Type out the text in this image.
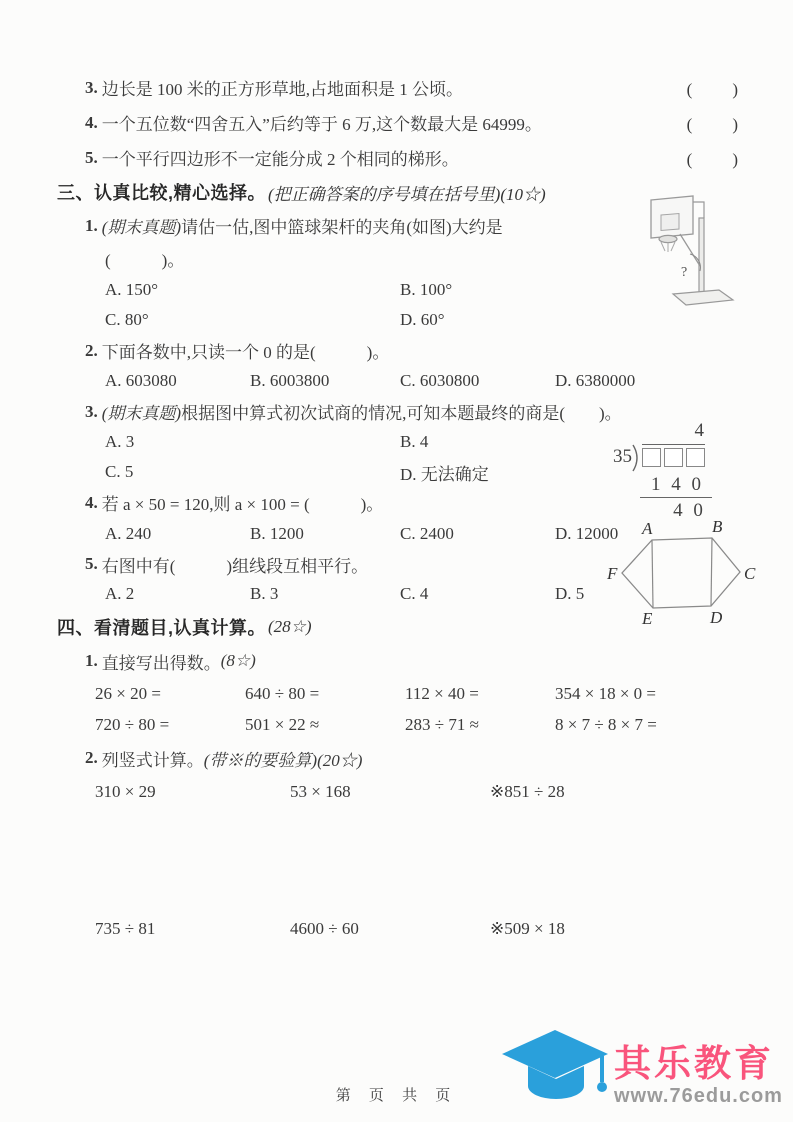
3. 边长是 100 米的正方形草地,占地面积是 1 公顷。	(　　)
4. 一个五位数“四舍五入”后约等于 6 万,这个数最大是 64999。	(　　)
5. 一个平行四边形不一定能分成 2 个相同的梯形。	(　　)
三、认真比较,精心选择。 (把正确答案的序号填在括号里)(10☆)
1. (期末真题) 请估一估,图中篮球架杆的夹角(如图)大约是
(　　　)。
A. 150°	B. 100°
C. 80°	D. 60°
2. 下面各数中,只读一个 0 的是(　　　)。
A. 603080	B. 6003800	C. 6030800	D. 6380000
3. (期末真题) 根据图中算式初次试商的情况,可知本题最终的商是(　　)。
A. 3	B. 4
C. 5	D. 无法确定
4. 若 a × 50 = 120,则 a × 100 = (　　　)。
A. 240	B. 1200	C. 2400	D. 12000
5. 右图中有(　　　)组线段互相平行。
A. 2	B. 3	C. 4	D. 5
四、看清题目,认真计算。 (28☆)
1. 直接写出得数。 (8☆)
26 × 20 =	640 ÷ 80 =	112 × 40 =	354 × 18 × 0 =
720 ÷ 80 =	501 × 22 ≈	283 ÷ 71 ≈	8 × 7 ÷ 8 × 7 =
2. 列竖式计算。 (带※的要验算)(20☆)
310 × 29	53 × 168	※851 ÷ 28
735 ÷ 81	4600 ÷ 60	※509 × 18
?
4
35
1 4 0
4 0
A	B
C
D
E
F
第 页 共 页
其乐教育
www.76edu.com
